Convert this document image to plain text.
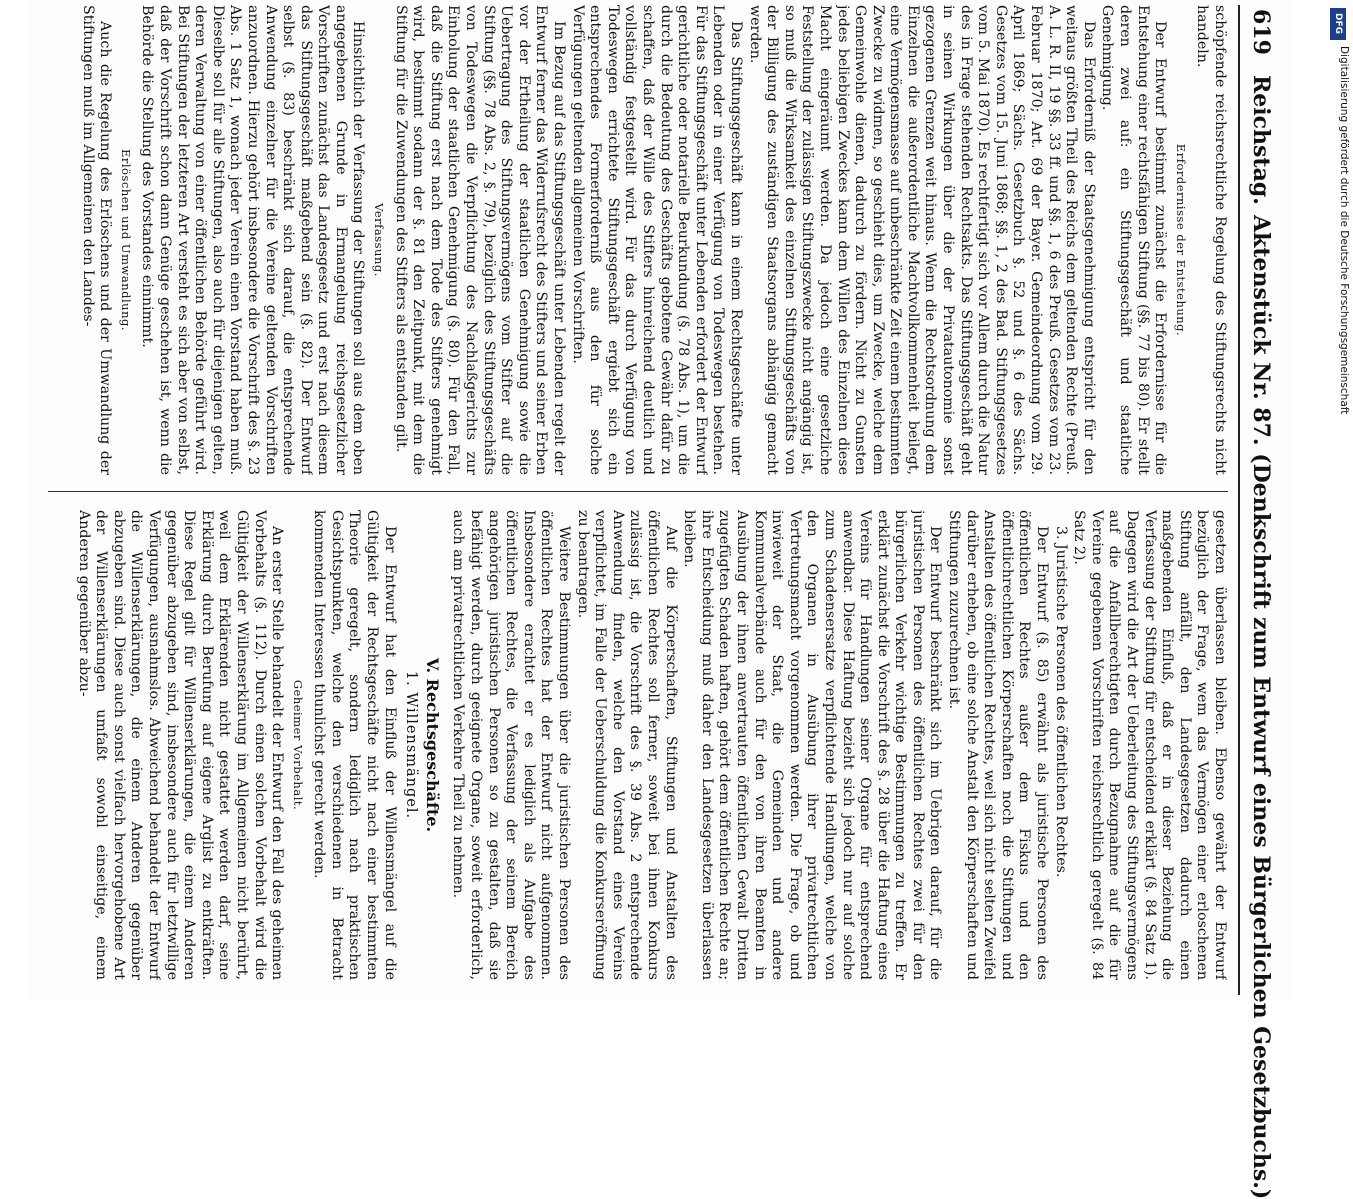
619
Reichstag.
Aktenstück Nr. 87. (Denkschrift zum Entwurf eines Bürgerlichen Gesetzbuchs.)

schöpfende reichsrechtliche Regelung des Stiftungsrechts nicht handeln.

Erfordernisse der Entstehung.

Der Entwurf bestimmt zunächst die Erfordernisse für die Entstehung einer rechtsfähigen Stiftung (§§. 77 bis 80). Er stellt deren zwei auf: ein Stiftungsgeschäft und staatliche Genehmigung.

Das Erforderniß der Staatsgenehmigung entspricht für den weitaus größten Theil des Reichs dem geltenden Rechte (Preuß. A. L. R. II, 19 §§. 33 ff. und §§. 1, 6 des Preuß. Gesetzes vom 23. Februar 1870; Art. 69 der Bayer. Gemeindeordnung vom 29. April 1869; Sächs. Gesetzbuch §. 52 und §. 6 des Sächs. Gesetzes vom 15. Juni 1868; §§. 1, 2 des Bad. Stiftungsgesetzes vom 5. Mai 1870). Es rechtfertigt sich vor Allem durch die Natur des in Frage stehenden Rechtsakts. Das Stiftungsgeschäft geht in seinen Wirkungen über die der Privatautonomie sonst gezogenen Grenzen weit hinaus. Wenn die Rechtsordnung dem Einzelnen die außerordentliche Machtvollkommenheit beilegt, eine Vermögensmasse auf unbeschränkte Zeit einem bestimmten Zwecke zu widmen, so geschieht dies, um Zwecke, welche dem Gemeinwohle dienen, dadurch zu fördern. Nicht zu Gunsten jedes beliebigen Zweckes kann dem Willen des Einzelnen diese Macht eingeräumt werden. Da jedoch eine gesetzliche Feststellung der zulässigen Stiftungszwecke nicht angängig ist, so muß die Wirksamkeit des einzelnen Stiftungsgeschäfts von der Billigung des zuständigen Staatsorgans abhängig gemacht werden.

Das Stiftungsgeschäft kann in einem Rechtsgeschäfte unter Lebenden oder in einer Verfügung von Todeswegen bestehen. Für das Stiftungsgeschäft unter Lebenden erfordert der Entwurf gerichtliche oder notarielle Beurkundung (§. 78 Abs. 1), um die durch die Bedeutung des Geschäfts gebotene Gewähr dafür zu schaffen, daß der Wille des Stifters hinreichend deutlich und vollständig festgestellt wird. Für das durch Verfügung von Todeswegen errichtete Stiftungsgeschäft ergiebt sich ein entsprechendes Formerforderniß aus den für solche Verfügungen geltenden allgemeinen Vorschriften.

Im Bezug auf das Stiftungsgeschäft unter Lebenden regelt der Entwurf ferner das Widerrufsrecht des Stifters und seiner Erben vor der Ertheilung der staatlichen Genehmigung sowie die Uebertragung des Stiftungsvermögens vom Stifter auf die Stiftung (§§. 78 Abs. 2, §. 79), bezüglich des Stiftungsgeschäfts von Todeswegen die Verpflichtung des Nachlaßgerichts zur Einholung der staatlichen Genehmigung (§. 80). Für den Fall, daß die Stiftung erst nach dem Tode des Stifters genehmigt wird, bestimmt sodann der §. 81 den Zeitpunkt, mit dem die Stiftung für die Zuwendungen des Stifters als entstanden gilt.

Verfassung.

Hinsichtlich der Verfassung der Stiftungen soll aus dem oben angegebenen Grunde in Ermangelung reichsgesetzlicher Vorschriften zunächst das Landesgesetz und erst nach diesem das Stiftungsgeschäft maßgebend sein (§. 82). Der Entwurf selbst (§. 83) beschränkt sich darauf, die entsprechende Anwendung einzelner für die Vereine geltenden Vorschriften anzuordnen. Hierzu gehört insbesondere die Vorschrift des §. 23 Abs. 1 Satz 1, wonach jeder Verein einen Vorstand haben muß. Dieselbe soll für alle Stiftungen, also auch für diejenigen gelten, deren Verwaltung von einer öffentlichen Behörde geführt wird. Bei Stiftungen der letzteren Art versteht es sich aber von selbst, daß der Vorschrift schon dann Genüge geschehen ist, wenn die Behörde die Stellung des Vorstandes einnimmt.

Erlöschen und Umwandlung.

Auch die Regelung des Erlöschens und der Umwandlung der Stiftungen muß im Allgemeinen den Landes-

gesetzen überlassen bleiben. Ebenso gewährt der Entwurf bezüglich der Frage, wem das Vermögen einer erloschenen Stiftung anfällt, den Landesgesetzen dadurch einen maßgebenden Einfluß, daß er in dieser Beziehung die Verfassung der Stiftung für entscheidend erklärt (§. 84 Satz 1). Dagegen wird die Art der Ueberleitung des Stiftungsvermögens auf die Anfallberechtigten durch Bezugnahme auf die für Vereine gegebenen Vorschriften reichsrechtlich geregelt (§. 84 Satz 2).

3. Juristische Personen des öffentlichen Rechtes.

Der Entwurf (§. 85) erwähnt als juristische Personen des öffentlichen Rechtes außer dem Fiskus und den öffentlichrechtlichen Körperschaften noch die Stiftungen und Anstalten des öffentlichen Rechtes, weil sich nicht selten Zweifel darüber erheben, ob eine solche Anstalt den Körperschaften und Stiftungen zuzurechnen ist.

Der Entwurf beschränkt sich im Uebrigen darauf, für die juristischen Personen des öffentlichen Rechtes zwei für den bürgerlichen Verkehr wichtige Bestimmungen zu treffen. Er erklärt zunächst die Vorschrift des §. 28 über die Haftung eines Vereins für Handlungen seiner Organe für entsprechend anwendbar. Diese Haftung bezieht sich jedoch nur auf solche zum Schadensersatze verpflichtende Handlungen, welche von den Organen in Ausübung ihrer privatrechtlichen Vertretungsmacht vorgenommen werden. Die Frage, ob und inwieweit der Staat, die Gemeinden und andere Kommunalverbände auch für den von ihren Beamten in Ausübung der ihnen anvertrauten öffentlichen Gewalt Dritten zugefügten Schaden haften, gehört dem öffentlichen Rechte an; ihre Entscheidung muß daher den Landesgesetzen überlassen bleiben.

Auf die Körperschaften, Stiftungen und Anstalten des öffentlichen Rechtes soll ferner, soweit bei ihnen Konkurs zulässig ist, die Vorschrift des §. 39 Abs. 2 entsprechende Anwendung finden, welche den Vorstand eines Vereins verpflichtet, im Falle der Ueberschuldung die Konkurseröffnung zu beantragen.

Weitere Bestimmungen über die juristischen Personen des öffentlichen Rechtes hat der Entwurf nicht aufgenommen. Insbesondere erachtet er es lediglich als Aufgabe des öffentlichen Rechtes, die Verfassung der seinem Bereich angehörigen juristischen Personen so zu gestalten, daß sie befähigt werden, durch geeignete Organe, soweit erforderlich, auch am privatrechtlichen Verkehre Theil zu nehmen.

V. Rechtsgeschäfte.
1. Willensmängel.

Der Entwurf hat den Einfluß der Willensmängel auf die Gültigkeit der Rechtsgeschäfte nicht nach einer bestimmten Theorie geregelt, sondern lediglich nach praktischen Gesichtspunkten, welche den verschiedenen in Betracht kommenden Interessen thunlichst gerecht werden.

Geheimer Vorbehalt.

An erster Stelle behandelt der Entwurf den Fall des geheimen Vorbehalts (§. 112). Durch einen solchen Vorbehalt wird die Gültigkeit der Willenserklärung im Allgemeinen nicht berührt, weil dem Erklärenden nicht gestattet werden darf, seine Erklärung durch Berufung auf eigene Arglist zu entkräften. Diese Regel gilt für Willenserklärungen, die einem Anderen gegenüber abzugeben sind, insbesondere auch für letztwillige Verfügungen, ausnahmslos. Abweichend behandelt der Entwurf die Willenserklärungen, die einem Anderen gegenüber abzugeben sind. Diese auch sonst vielfach hervorgehobene Art der Willenserklärungen umfaßt sowohl einseitige, einem Anderen gegenüber abzu-

DFG
Digitalisierung gefördert durch die Deutsche Forschungsgemeinschaft
